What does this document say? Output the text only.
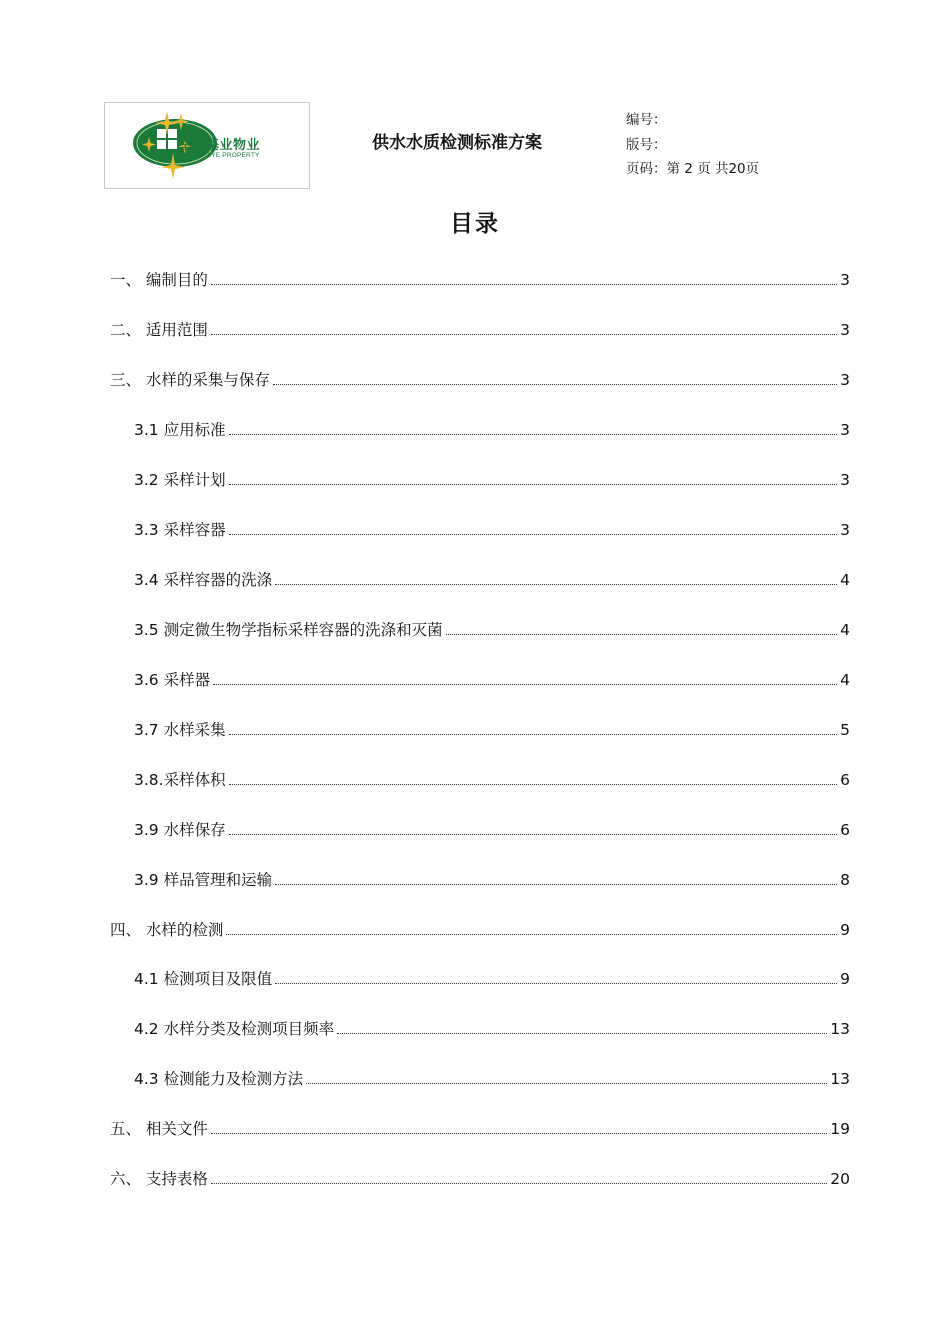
幸福基业物业
XINGFU JIYE PROPERTY
供水水质检测标准方案
编号：
版号：
页码：第 2 页 共20页
目录
一、 编制目的	3
二、 适用范围	3
三、 水样的采集与保存	3
3.1 应用标准	3
3.2 采样计划	3
3.3 采样容器	3
3.4 采样容器的洗涤	4
3.5 测定微生物学指标采样容器的洗涤和灭菌	4
3.6 采样器	4
3.7 水样采集	5
3.8.采样体积	6
3.9 水样保存	6
3.9 样品管理和运输	8
四、 水样的检测	9
4.1 检测项目及限值	9
4.2 水样分类及检测项目频率	13
4.3 检测能力及检测方法	13
五、 相关文件	19
六、 支持表格	20
